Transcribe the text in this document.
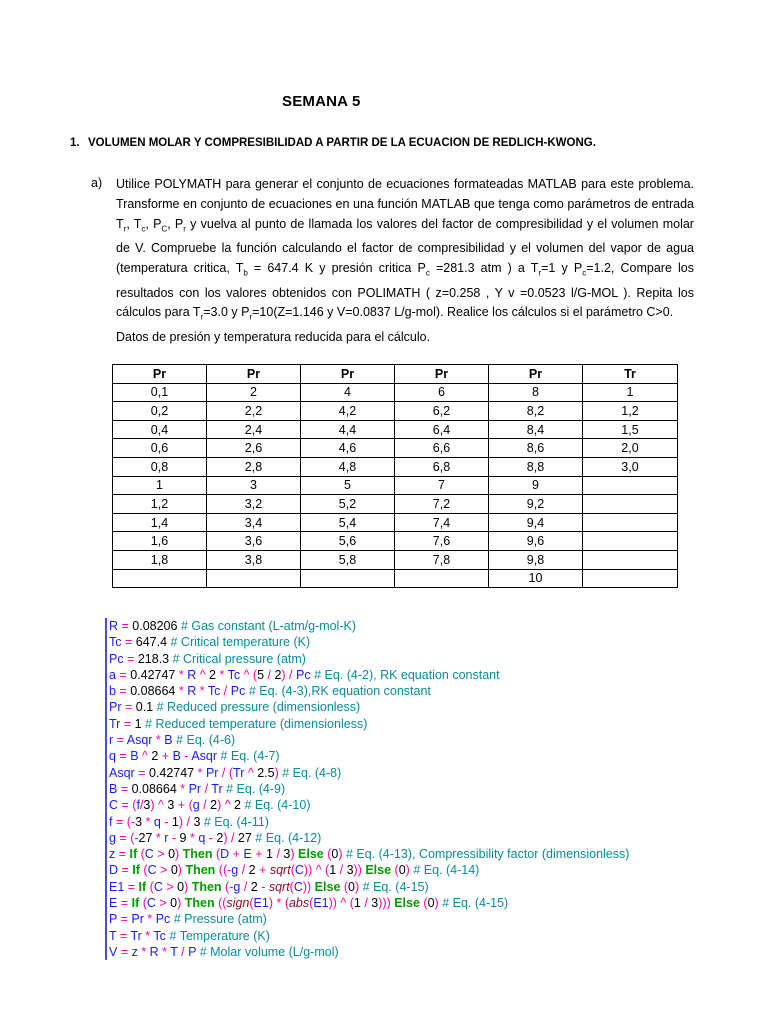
SEMANA 5
1. VOLUMEN MOLAR Y COMPRESIBILIDAD A PARTIR DE LA ECUACION DE REDLICH-KWONG.
a) Utilice POLYMATH para generar el conjunto de ecuaciones formateadas MATLAB para este problema. Transforme en conjunto de ecuaciones en una función MATLAB que tenga como parámetros de entrada $T_r$, $T_c$, $P_C$, $P_r$ y vuelva al punto de llamada los valores del factor de compresibilidad y el volumen molar de V. Compruebe la función calculando el factor de compresibilidad y el volumen del vapor de agua (temperatura critica, $T_b = 647.4$ K y presión critica $P_c =281.3$ atm ) a $T_r=1$ y $P_c=1.2$, Compare los resultados con los valores obtenidos con POLIMATH ( z=0.258 , Y v =0.0523 l/G-MOL ). Repita los cálculos para $T_r=3.0$ y $P_r=10(Z=1.146$ y V=0.0837 L/g-mol). Realice los cálculos si el parámetro C>0.
Datos de presión y temperatura reducida para el cálculo.
Pr	Pr	Pr	Pr	Pr	Tr
0,1	2	4	6	8	1
0,2	2,2	4,2	6,2	8,2	1,2
0,4	2,4	4,4	6,4	8,4	1,5
0,6	2,6	4,6	6,6	8,6	2,0
0,8	2,8	4,8	6,8	8,8	3,0
1	3	5	7	9	
1,2	3,2	5,2	7,2	9,2	
1,4	3,4	5,4	7,4	9,4	
1,6	3,6	5,6	7,6	9,6	
1,8	3,8	5,8	7,8	9,8	
				10	
R = 0.08206 # Gas constant (L-atm/g-mol-K)
Tc = 647.4 # Critical temperature (K)
Pc = 218.3 # Critical pressure (atm)
a = 0.42747 * R ^ 2 * Tc ^ (5 / 2) / Pc # Eq. (4-2), RK equation constant
b = 0.08664 * R * Tc / Pc # Eq. (4-3),RK equation constant
Pr = 0.1 # Reduced pressure (dimensionless)
Tr = 1 # Reduced temperature (dimensionless)
r = Asqr * B # Eq. (4-6)
q = B ^ 2 + B - Asqr # Eq. (4-7)
Asqr = 0.42747 * Pr / (Tr ^ 2.5) # Eq. (4-8)
B = 0.08664 * Pr / Tr # Eq. (4-9)
C = (f/3) ^ 3 + (g / 2) ^ 2 # Eq. (4-10)
f = (-3 * q - 1) / 3 # Eq. (4-11)
g = (-27 * r - 9 * q - 2) / 27 # Eq. (4-12)
z = If (C > 0) Then (D + E + 1 / 3) Else (0) # Eq. (4-13), Compressibility factor (dimensionless)
D = If (C > 0) Then ((-g / 2 + sqrt(C)) ^ (1 / 3)) Else (0) # Eq. (4-14)
E1 = If (C > 0) Then (-g / 2 - sqrt(C)) Else (0) # Eq. (4-15)
E = If (C > 0) Then ((sign(E1) * (abs(E1)) ^ (1 / 3))) Else (0) # Eq. (4-15)
P = Pr * Pc # Pressure (atm)
T = Tr * Tc # Temperature (K)
V = z * R * T / P # Molar volume (L/g-mol)
